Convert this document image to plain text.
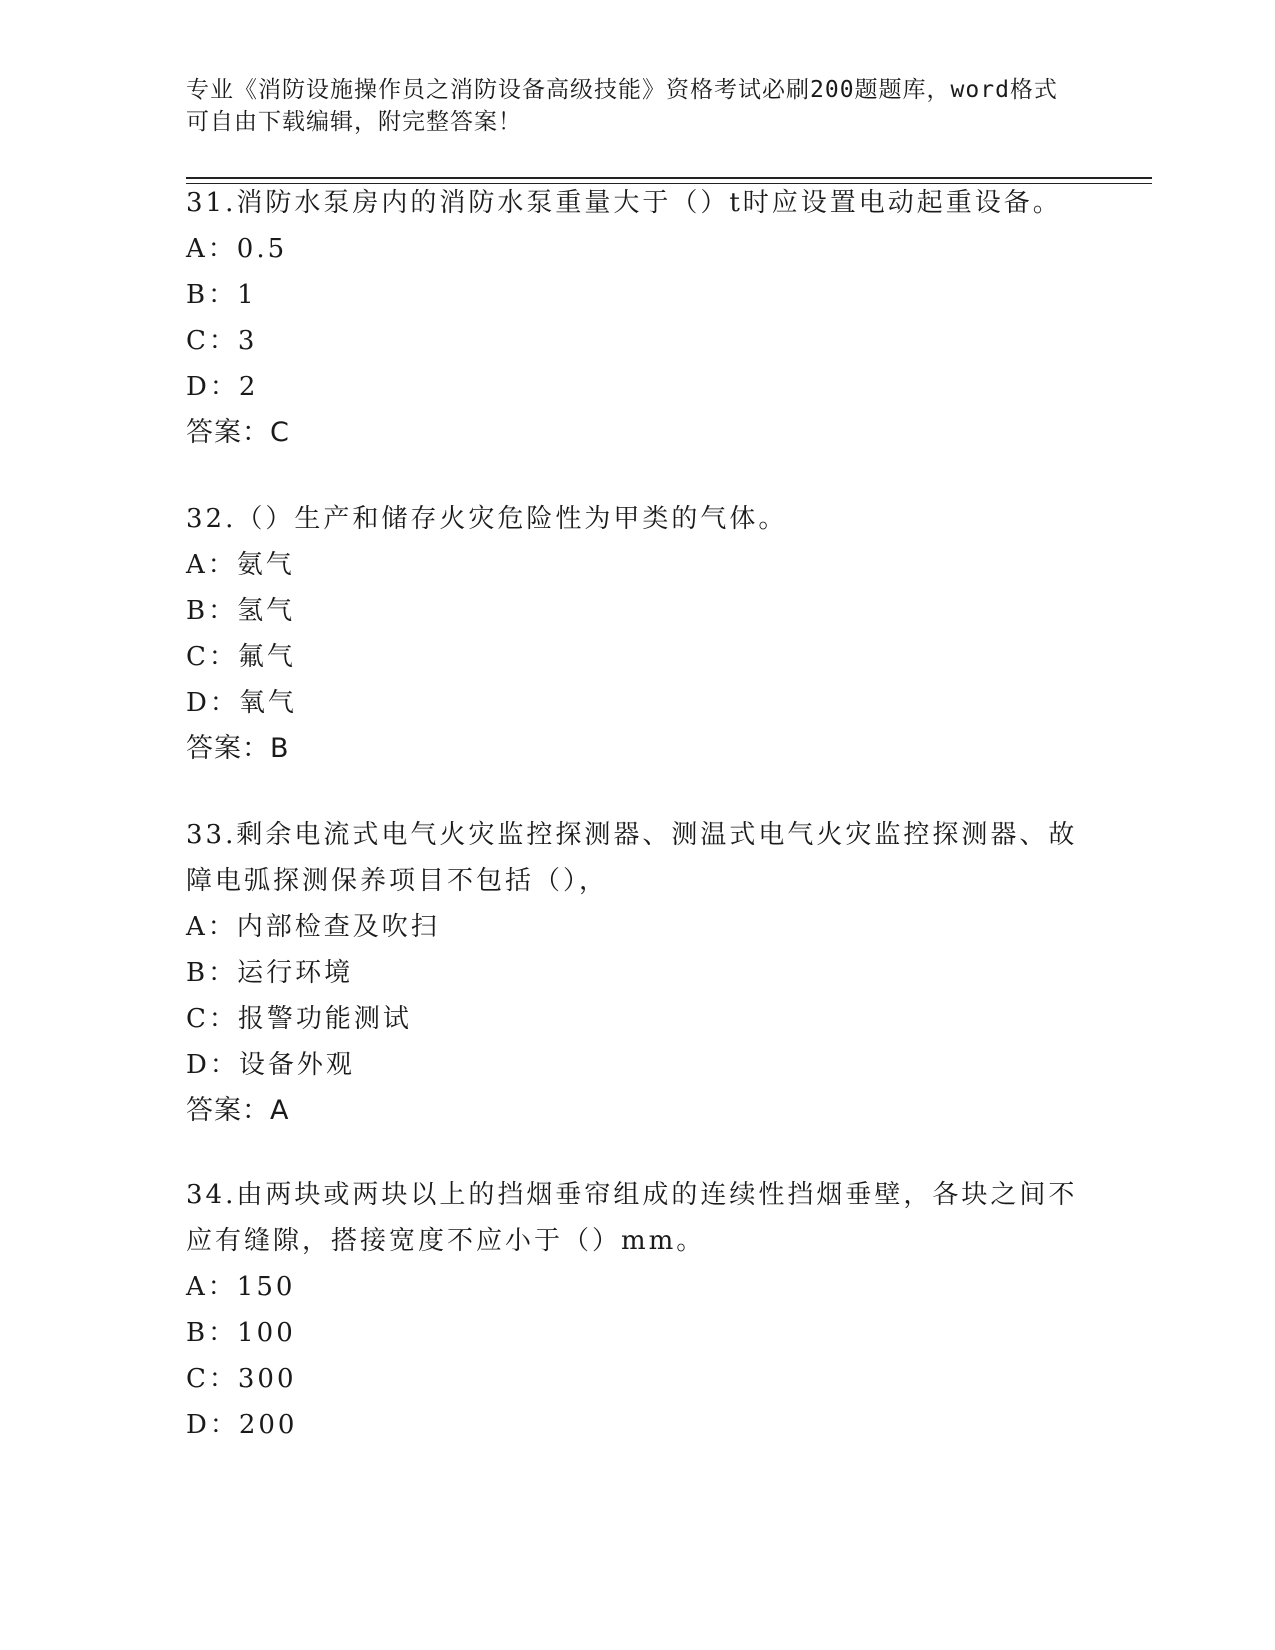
专业《消防设施操作员之消防设备高级技能》资格考试必刷200题题库，word格式可自由下载编辑，附完整答案！
31.消防水泵房内的消防水泵重量大于（）t时应设置电动起重设备。
A：0.5
B：1
C：3
D：2
答案：C
32.（）生产和储存火灾危险性为甲类的气体。
A：氨气
B：氢气
C：氟气
D：氧气
答案：B
33.剩余电流式电气火灾监控探测器、测温式电气火灾监控探测器、故障电弧探测保养项目不包括（），
A：内部检查及吹扫
B：运行环境
C：报警功能测试
D：设备外观
答案：A
34.由两块或两块以上的挡烟垂帘组成的连续性挡烟垂壁，各块之间不应有缝隙，搭接宽度不应小于（）mm。
A：150
B：100
C：300
D：200
